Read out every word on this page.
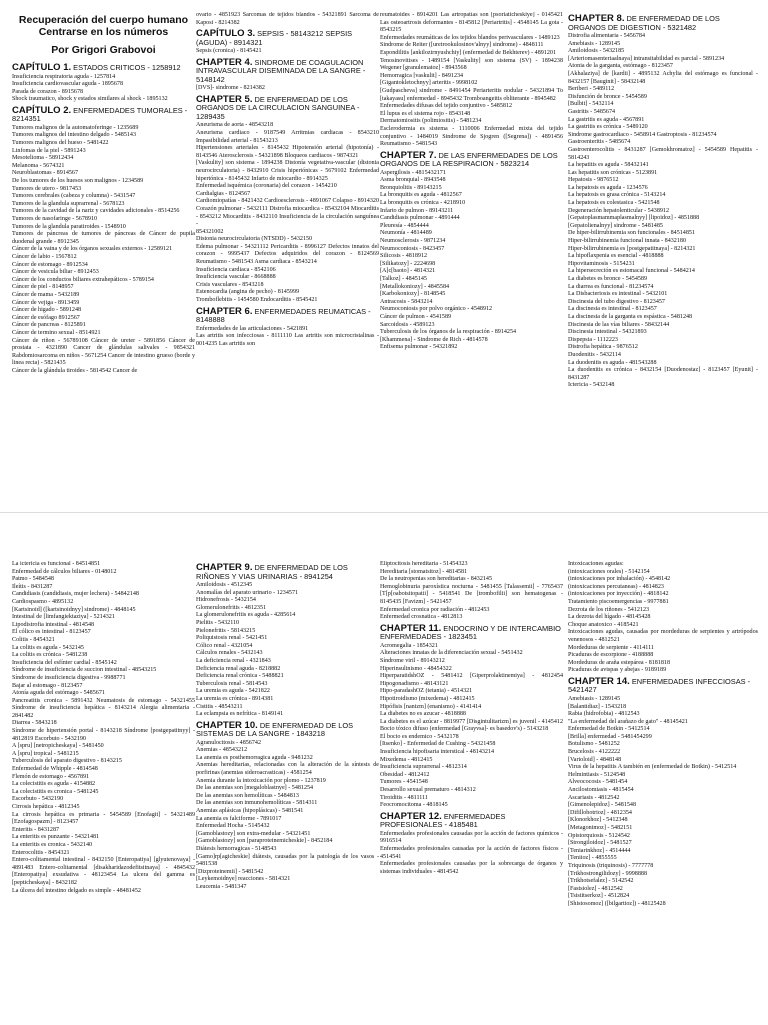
Recuperación del cuerpo humano Centrarse en los números
Por Grigori Grabovoi
CAPÍTULO 1. ESTADOS CRITICOS - 1258912
Insuficiencia respiratoria aguda - 1257814
Insuficiencia cardiovascular aguda - 1895678
Parada de corazon - 8915678
Shock traumatico, shock y estados similares al shock - 1895132
CAPÍTULO 2. ENFERMEDADES TUMORALES - 8214351
Tumores malignos de la automatoferinge - 1235689
Tumores malignos del intestino delgado - 5485143
Tumores malignos del hueso - 5481422
Linfomas de la piel - 5891243
Mesotelioma - 58912434
Melanoma - 5674321
Neuroblastomas - 8914567
De los tumores de los huesos son malignos - 1234589
Tumores de utero - 9817453
Tumores cerebrales (cabeza y columna) - 5431547
Tumores de la glandula suprarrenal - 5678123
Tumores de la cavidad de la nariz y cavidades adicionales - 8514256
Tumores de nasofaringe - 5678910
Tumores de la glandula paratiroides - 1548910
Tumores de páncreas de tumores de páncreas de Cáncer de pupila duodenal grande - 8912345
Cáncer de la vaina y de los órganos sexuales externos - 12589121
Cáncer de labio - 1567812
Cáncer de estomago - 8912534
Cáncer de vesicula biliar - 8912453
Cáncer de los conductos biliares extrahepáticos - 5789154
Cáncer de piel - 8148957
Cáncer de mama - 5432189
Cáncer de vejiga - 8913459
Cáncer de higado - 5891248
Cáncer de esófago 8912567
Cáncer de pancreas - 8125891
Cáncer de termino sexual - 8514921
Cáncer de riñon - 56789108 Cáncer de ureter - 5891856 Cáncer de prostata - 4321890 Cancer de glándulas salivales - 9854321 Rabdomiosarcoma en niños - 5671254 Cancer de intestino grueso (borde y linea recta) - 5821435
Cáncer de la glándula tiroides - 5814542 Cancer de
ovario - 4851923 Sarcomas de tejidos blandos - 54321891 Sarcoma de Kaposi - 8214382
CAPÍTULO 3. SEPSIS - 58143212 SEPSIS (AGUDA) - 8914321
Sepsis (cronica) - 8145421
CHAPTER 4. SINDROME DE COAGULACION INTRAVASCULAR DISEMINADA DE LA SANGRE - 5148142
[DVS]- sindrome - 8214382
CHAPTER 5. DE ENFERMEDAD DE LOS ORGANOS DE LA CIRCULACION SANGUINEA - 1289435
Aneurisma de aorta - 48543218
Aneurisma cardiaco - 9187549 Arritmias cardiacas - 8543210 Impasibilidad arterial - 81543213
Hipertensiones arteriales - 8145432 Hipotensión arterial (hipotonía) - 8143546 Aterosclerosis - 54321898 Bloqueos cardiacos - 9874321
[Vaskulity] son sistema - 1894238 Distonía vegetativa-vascular (distonia neurocirculatoria) - 8432910 Crisis hipertónicas - 5679102 Enfermedad hipertónica - 8145432 Infarto de miocardio - 8914325
Enfermedad isquémica (coronaria) del corazon - 1454210
Cardialgias - 8124567
Cardiomiopatías - 8421432 Cardioesclerosis - 4891067 Colapso - 8914320 Corazón pulmonar - 5432111 Distrofia miocardica - 85432104 Miocarditis - 8543212 Miocarditis - 8432110 Insuficiencia de la circulación sanguínea -
854321002
Distonia neurocirculatoria (NTSDD) - 5432150
Edema pulmonar - 54321112 Pericarditis - 8996127 Defectos innatos del corazon - 9995437 Defectos adquiridos del corazon - 8124569 Reumatismo - 5481543 Asma cardiaca - 8543214
Insuficiencia cardiaca - 8542106
Insuficiencia vascular - 8668888
Crisis vasculares - 8543218
Estenocardia (angina de pecho) - 8145999
Tromboflebitis - 1454580 Endocarditis - 8545421
CHAPTER 6. ENFERMEDADES REUMATICAS - 8148888
Enfermedades de las articulaciones - 5421891
Las artritis son infecciosas - 8111110 Las artritis son microcristalinas - 0014235 Las artritis son
reumatoides - 8914201 Las artropatías son [psoriaticheskiye] - 0145421 Las osteoartrosis deformantes - 8145812 [Periartritis] - 4548145 La gota - 8543215
Enfermedades reumáticas de los tejidos blandos perivasculares - 1489123
Sindrome de Reiter ([uretrookulosinov'alnyy] sindrome) - 4848111
Espondilitis [ankilozirnyushchiy] (enfermedad de Bekhterev) - 4891201
Tenosinovitises - 1489154 [Vaskulity] son sistema (SV) - 1894238 Wegener [granulematoz] - 8943568
Hemorragica [vaskulit] - 8491234
[Gigantokletochnyy] arteritis - 9998102
[Gudpascheva] sindrome - 8491454 Periarteritis nodular - 54321894 To [takayasu] enfermedad - 8945432 Tromboangeitis obliterante - 8945482
Enfermedades difusas del tejido conjuntivo - 5485812
El lupus es el sistema rojo - 8543148
Dermatomiositis (polimiositis) - 5481234
Esclerodermia es sistema - 1110006 Enfermedad mixta del tejido conjuntivo - 1484019 Sindrome de Sjogren ([Segrena]) - 4891456 Reumatismo - 5481543
CHAPTER 7. DE LAS ENFERMEDADES DE LOS ORGANOS DE LA RESPIRACION - 5823214
Aspergilosis - 4815432171
Asma bronquial - 8943548
Bronquiolitis - 89143215
La bronquitis es aguda - 4812567
La bronquitis es crónica - 4218910
Infarto de pulmon - 89143211
Candidiasis pulmonar - 4891444
Pleuresía - 4854444
Neumonía - 4814489
Neumosclerosis - 9871234
Neumoconiosis - 8423457
Silicosis - 4818912
[Silikatozy] - 2224698
[A]c[baoto] - 4814321
[Talkoz] - 4845145
[Metallokoniozy] - 4845584
[Karbokoniozy] - 8148545
Antracosis - 5843214
Neumoconiosis por polvo orgánico - 4548912
Cáncer de pulmon - 4541589
Sarcoidosis - 4589123
Tuberculosis de los órganos de la respiración - 8914254
[Khammena] - Sindrome de Rich - 4814578
Enfisema pulmonar - 54321892
CHAPTER 8. DE ENFERMEDAD DE LOS ORGANOS DE DIGESTION - 5321482
Distrofia alimentaria - 5456784
Amebiasis - 1289145
Amiloidosis - 5432185
[Arteriomasenteriaalnaya] intransitabilidad es parcial - 5891234
Atonia de la garganta, estómago - 8123457
[Akhalaziya] de [kardii] - 4895132 Achylia del estómago es funcional - 8432157 [Bauginit] - 58432148
Beriberi - 5489112
Disfunción de bronce - 5454589
[Bulbit] - 5432114
Gastritis - 5485674
La gastritis es aguda - 4567891
La gastritis es crónica - 5489120
Sindrome gastrocardiaco - 5458914 Gastroptosis - 81234574
Gastroenteritis - 5485674
Gastroenterocolitis - 8431287 [Gemokhromatoz] - 5454589 Hepatitis - 5814243
La hepatitis es aguda - 58432141
Las hepatitis son crónicas - 5123891
Hepatosis - 9876512
La hepatosis es aguda - 1234576
La hepatosis es grasa crónica - 5143214
La hepatosis es colestasica - 5421548
Degeneración hepatolenticular - 5438912
[Gepatoplasmammaplasmalnyy] [lipoidoz] - 4851888
[Gepatolienalnyy] sindrome - 5481485
De hiper-bilirrubinemia son funcionales - 84514851
Hiper-bilirrubinemia funcional innata - 8432180
Hiper-bilirrubinemia es [postgepatitnaya] - 8214321
La hipoflaxpenia es esencial - 4818888
Hipovitaminosis - 5154231
La hipersecreción es estomacal funcional - 5484214
La diabetes es bronce - 5454589
La diarrea es funcional - 81234574
La Disbacteriosis es intestinal - 5432101
Discinesia del tubo digestivo - 8123457
La discinesia es intestinal - 8123457
La discinesia de la garganta es espástica - 5481248
Discinesia de las vías biliares - 58432144
Discinesia intestinal - 54321893
Dispepsia - 1112223
Distrofia hepática - 9876512
Duodenitis - 5432114
La duodenitis es aguda - 481543288
La duodenitis es crónica - 8432154 [Duodenostaz] - 8123457 [Eyunit] - 8431287
Ictericia - 5432148
La ictericia es funcional - 84514851
Enfermedad de cálculos biliares - 0148012
Patmo - 5484548
Ileítis - 8431287
Candidiasis (candidiasis, mujer lechera) - 54842148
Cardiospasmo - 4895132
[Kartsinoid] ([kartsinoidnyy] sindrome) - 4848145
Intestinal de [limfangiektaziya] - 5214321
Lipodistrofia intestinal - 4814548
El cólico es intestinal - 8123457
Colitis - 8454321
La colitis es aguda - 5432145
La colitis es crónica - 5481238
Insuficiencia del esfínter cardial - 8545142
Síndrome de insuficiencia de succion intestinal - 48543215
Síndrome de insuficiencia digestiva - 9988771
Bajar al estomago - 8123457
Atonía aguda del estómago - 5485671
Pancreatitis cronica - 5891432 Neumatosis de estomago - 54321455 Síndrome de insuficiencia hepática - 8143214 Alergia alimentaria - 2841482
Diarrea - 5843218
Síndrome de hipertensión portal - 8143218 Síndrome [postgepatitnyy] - 4812819 Escorbuto - 5432190
A [spru] [netropicheskaya] - 5481450
A [spru] tropical - 5481215
Tuberculosis del aparato digestivo - 8143215
Enfermedad de Whipple - 4814548
Flemón de estomago - 4567891
La colecistitis es aguda - 4154882
La colecistitis es cronica - 5481245
Escorbuto - 5432190
Cirrosis hepática - 4812345
La cirrosis hepática es primaria - 5454589 [Enofagit] - 54321489 [Ezofagospazm] - 8123457
Enteritis - 8431287
La enteritis es punzante - 54321481
La enteritis es cronica - 5432140
Enterocolitis - 8454321
Entero-colitamental intestinal - 8432150 [Enteropatiya] [glyutenovaya] - 4891483 Entero-colitamental [disakharidazodefitsitnaya] - 4845432 [Enteropatiya] exsudativa - 48123454 La ulcera del gamma es [peptіcheskaya] - 8432182
La úlcera del intestino delgado es simple - 48481452
CHAPTER 9. DE ENFERMEDAD DE LOS RIÑONES Y VIAS URINARIAS - 8941254
Amiloidosis - 4512345
Anomalías del aparato urinario - 1234571
Hidronefrosis - 5432154
Glomerulonefritis - 4812351
La glomerulonefritis es aguda - 4285614
Pielitis - 5432110
Pielonefritis - 58143215
Poliquistosis renal - 5421451
Cólico renal - 4321054
Cálculos renales - 5432143
La deficiencia renal - 4321843
Deficiencia renal aguda - 8218882
Deficiencia renal crónica - 5488821
Tuberculosis renal - 5814543
La uremia es aguda - 5421822
La uremia es crónica - 8914381
Cistitis - 48543211
La eclampsia es nefrítica - 8149141
CHAPTER 10. DE ENFERMEDAD DE LOS SISTEMAS DE LA SANGRE - 1843218
Agranulocitosis - 4856742
Anemias - 48543212
La anemia es posthemorragica aguda - 9481232
Anemias hereditarias, relacionadas con la alteración de la síntesis de porfirinas (anemias sideroacrasticas) - 4581254
Anemia durante la intoxicación por plomo - 1237819
De las anemias son [megaloblastnye] - 5481254
De las anemias son hemolíticas - 5484813
De las anemias son inmunohemolíticas - 5814311
Anemias aplásicas (hipoplásicas) - 5481541
La anemia es falciforme - 7891017
Enfermedad Hocha - 5145432
[Gamoblastozy] son extra-medular - 54321451
[Gamoblastozy] son [paraproteinemicheskie] - 8452184
Diátesis hemorragicas - 5148543
[Gamo]rp[agicheskie] diátesis, causadas por la patología de los vasos - 5481538
[Dizproteinemii] - 5481542
[Leykemoidnye] reacciones - 5814321
Leucemia - 5481347
Eliptocitosis hereditaria - 51454323
Hereditaria [stomatsitoz] - 4814581
De la neutropenias son hereditarias - 8432145
Hemoglobinuria paroxística nocturna - 5481455 [Talassemii] - 7765437 [T[p[oabotsitopatii] - 5418541 De [trombofilii] son hematogenas - 8145435 [Favizm] - 5421457
Enfermedad cronica por radiación - 4812453
Enfermedad crosnatica - 4812813
CHAPTER 11. ENDOCRINO Y DE INTERCAMBIO ENFERMEDADES - 1823451
Acromegalia - 1854321
Alteraciones innatas de la diferenciación sexual - 5451432
Síndrome viril - 89143212
Hiperinsulinismo - 48454322
HiperparatidshOZ - 5481412 [Giperprolaktinemiya] - 4812454 Hipogonadismo - 48143121
Hipo-paradashOZ (tetania) - 4514321
Hipotiroidismo (mixedema) - 4812415
Hipófisis [nanizm] (enanismo) - 4141414
La diabetes no es azucar - 4818888
La diabetes es el azúcar - 8819977 [Disgintulitarizm] es juvenil - 4145412 Bocio tóxico difuso (enfermedad [Grayvsa]- es basedov's) - 5143218
El bocio es endemico - 5432178
[Itsenko] - Enfermedad de Cushing - 54321458
Insuficiencia hipofisaria interstical - 48143214
Mixedema - 4812415
Insuficiencia suprarrenal - 4812314
Obesidad - 4812412
Tumores - 4541548
Desarrollo sexual prematuro - 4814312
Tiroiditis - 4811111
Feocromocitoma - 4818145
CHAPTER 12. ENFERMEDADES PROFESIONALES - 4185481
Enfermedades profesionales causadas por la acción de factores químicos - 9916514
Enfermedades profesionales causadas por la acción de factores físicos - 4514541
Enfermedades profesionales causadas por la sobrecarga de órganos y sistemas individuales - 4814542
Intoxicaciones agudas:
(intoxicaciones orales) - 5142154
(intoxicaciones por inhalación) - 4548142
(intoxicaciones percutaneas) - 4814823
(intoxicaciones por inyección) - 4818142
Tratamiento piscoemergencias - 9977881
Dezrota de los riñones - 5412123
La dezrota del hígado - 48145428
Choque anatoxico - 4185421
Intoxicaciones agudas, causadas por mordeduras de serpientes y artrópodos venenosos - 4812521
Mordeduras de serpiente - 4114111
Picaduras de escorpione - 4188888
Mordeduras de araña estepárea - 8181818
Picaduras de avispas y abejas - 9189189
CHAPTER 14. ENFERMEDADES INFECCIOSAS - 5421427
Amebiasis - 1289145
[Balantidiaz] - 1543218
Rabia (hidrofobia) - 4812543
"La enfermedad del arañazo de gato" - 48145421
Enfermedad de Botkin - 5412514
[Brilla] enfermedad - 5481454299
Botulismo - 5481252
Brucelosis - 4122222
[Varioloid] - 4848148
Virus de la hepatitis A también en (enfermedad de Botkin) - 5412514
Helmintiasis - 5124548
Alveococosis - 5481454
Ancilostomiasis - 4815454
Ascariasis - 4812542
[Gimenolepidoz] - 5481548
[Difillobotrioz] - 4812354
[Klonorkhoz] - 5412348
[Metagonimoz] - 5482151
Opistorquiosis - 5124542
[Strongiloidoz] - 5481527
[Tenіarinkhoz] - 4514444
[Teniioz] - 4855555
Triquinosis (triquinosis) - 7777778
[Trikhostrongilidozy] - 9998888
[Trikhotsefalez] - 5142542
[Fastsiolez] - 4812542
[Tsistitserkoz] - 4512824
[Shistosomoz] ([bilgartioz]) - 48125428
